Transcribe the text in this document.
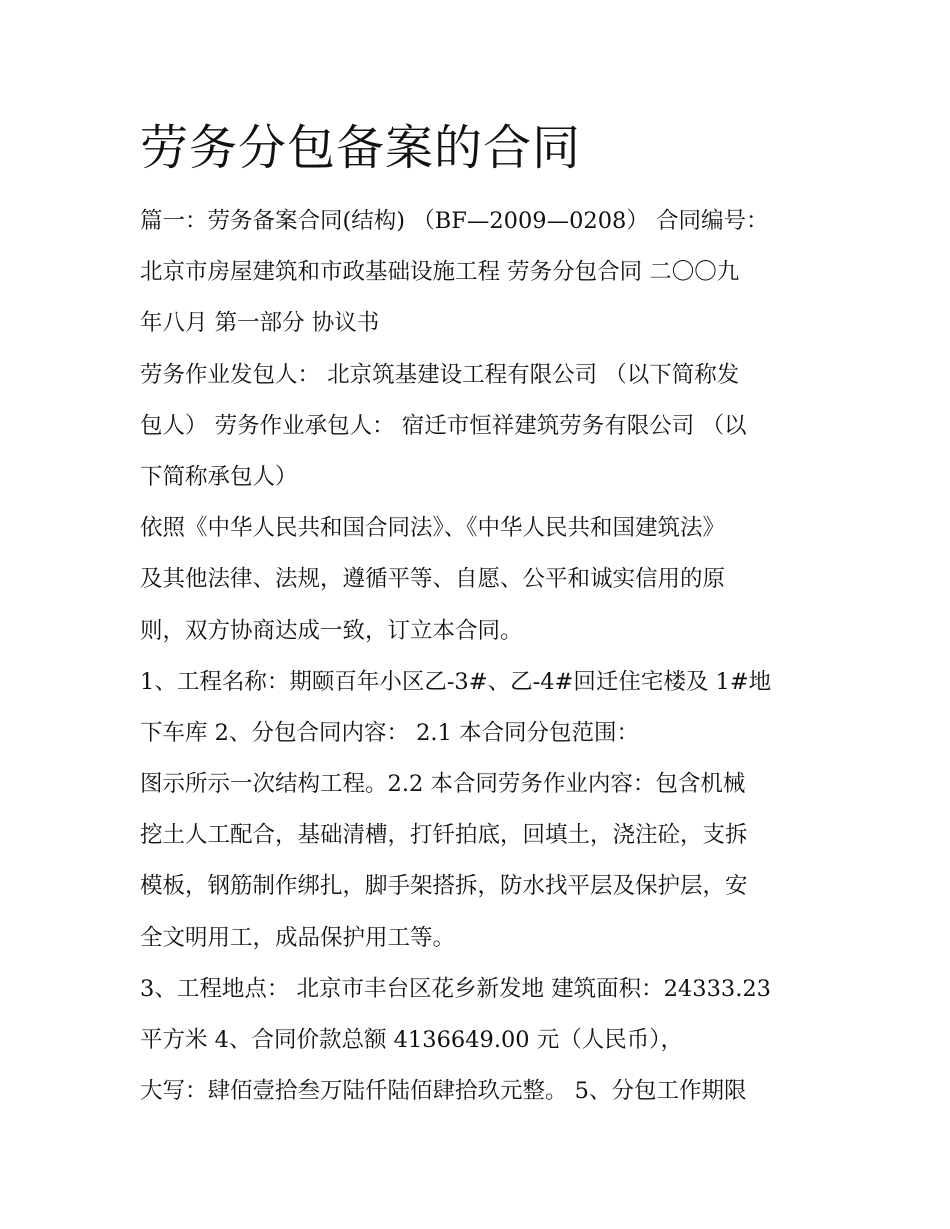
劳务分包备案的合同
篇一：劳务备案合同(结构) （BF—2009—0208） 合同编号：
北京市房屋建筑和市政基础设施工程 劳务分包合同 二〇〇九
年八月 第一部分 协议书
劳务作业发包人： 北京筑基建设工程有限公司 （以下简称发
包人） 劳务作业承包人： 宿迁市恒祥建筑劳务有限公司 （以
下简称承包人）
依照《中华人民共和国合同法》、《中华人民共和国建筑法》
及其他法律、法规，遵循平等、自愿、公平和诚实信用的原
则，双方协商达成一致，订立本合同。
1、工程名称：期颐百年小区乙-3#、乙-4#回迁住宅楼及 1#地
下车库 2、分包合同内容： 2.1 本合同分包范围：
图示所示一次结构工程。2.2 本合同劳务作业内容：包含机械
挖土人工配合，基础清槽，打钎拍底，回填土，浇注砼，支拆
模板，钢筋制作绑扎，脚手架搭拆，防水找平层及保护层，安
全文明用工，成品保护用工等。
3、工程地点： 北京市丰台区花乡新发地 建筑面积：24333.23
平方米 4、合同价款总额 4136649.00 元（人民币），
大写：肆佰壹拾叁万陆仟陆佰肆拾玖元整。 5、分包工作期限
